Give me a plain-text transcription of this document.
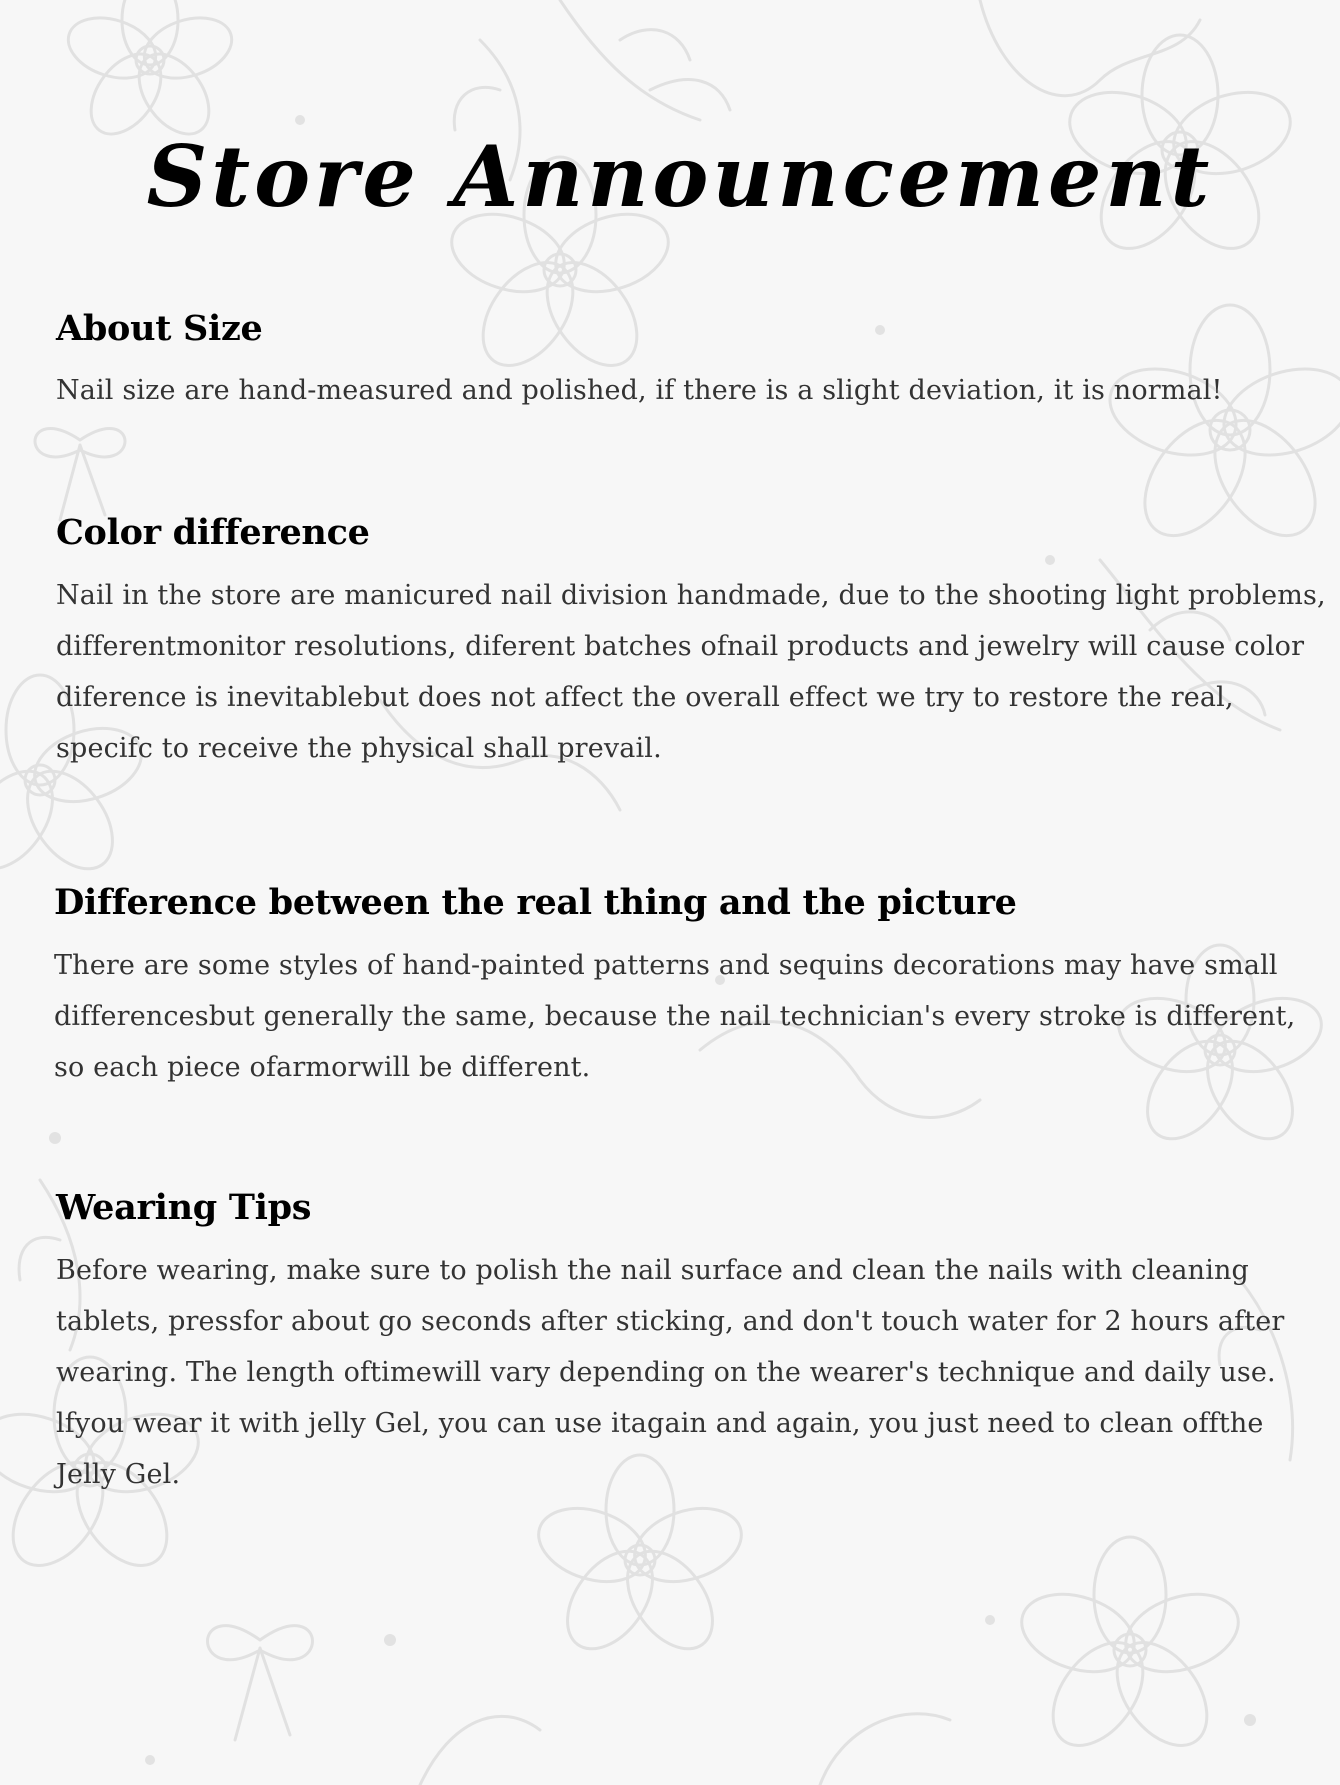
Store Announcement
About Size

Nail size are hand-measured and polished, if there is a slight deviation, it is normal!

Color difference

Nail in the store are manicured nail division handmade, due to the shooting light problems, differentmonitor resolutions, diferent batches ofnail products and jewelry will cause color diference is inevitablebut does not affect the overall effect we try to restore the real, specifc to receive the physical shall prevail.

Difference between the real thing and the picture

There are some styles of hand-painted patterns and sequins decorations may have small differencesbut generally the same, because the nail technician's every stroke is different, so each piece ofarmorwill be different.

Wearing Tips

Before wearing, make sure to polish the nail surface and clean the nails with cleaning tablets, pressfor about go seconds after sticking, and don't touch water for 2 hours after wearing. The length oftimewill vary depending on the wearer's technique and daily use. lfyou wear it with jelly Gel, you can use itagain and again, you just need to clean offthe Jelly Gel.
